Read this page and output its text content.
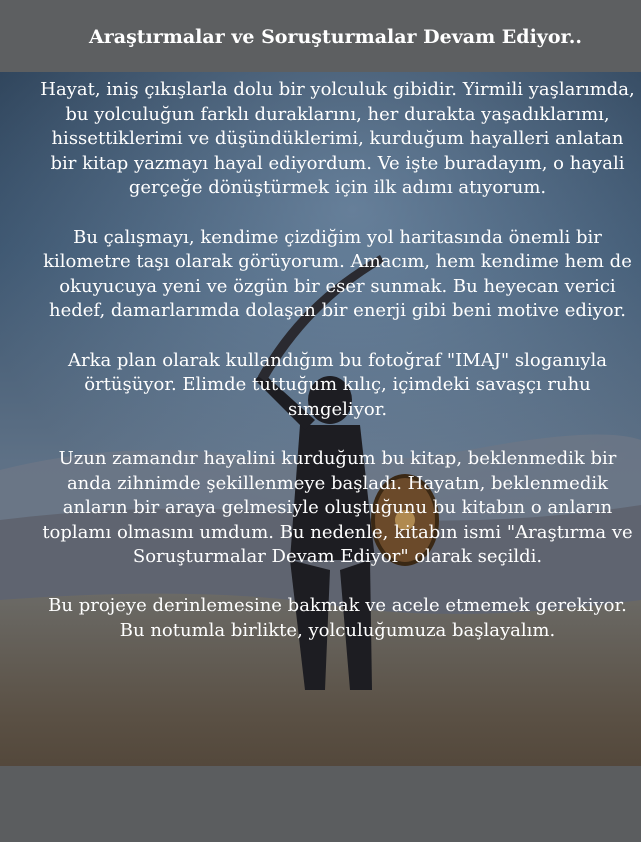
Araştırmalar ve Soruşturmalar Devam Ediyor..

Hayat, iniş çıkışlarla dolu bir yolculuk gibidir. Yirmili yaşlarımda, bu yolculuğun farklı duraklarını, her durakta yaşadıklarımı, hissettiklerimi ve düşündüklerimi, kurduğum hayalleri anlatan bir kitap yazmayı hayal ediyordum. Ve işte buradayım, o hayali gerçeğe dönüştürmek için ilk adımı atıyorum.

Bu çalışmayı, kendime çizdiğim yol haritasında önemli bir kilometre taşı olarak görüyorum. Amacım, hem kendime hem de okuyucuya yeni ve özgün bir eser sunmak. Bu heyecan verici hedef, damarlarımda dolaşan bir enerji gibi beni motive ediyor.

Arka plan olarak kullandığım bu fotoğraf "IMAJ" sloganıyla örtüşüyor. Elimde tuttuğum kılıç, içimdeki savaşçı ruhu simgeliyor.

Uzun zamandır hayalini kurduğum bu kitap, beklenmedik bir anda zihnimde şekillenmeye başladı. Hayatın, beklenmedik anların bir araya gelmesiyle oluştuğunu bu kitabın o anların toplamı olmasını umdum. Bu nedenle, kitabın ismi "Araştırma ve Soruşturmalar Devam Ediyor" olarak seçildi.

Bu projeye derinlemesine bakmak ve acele etmemek gerekiyor. Bu notumla birlikte, yolculuğumuza başlayalım.
